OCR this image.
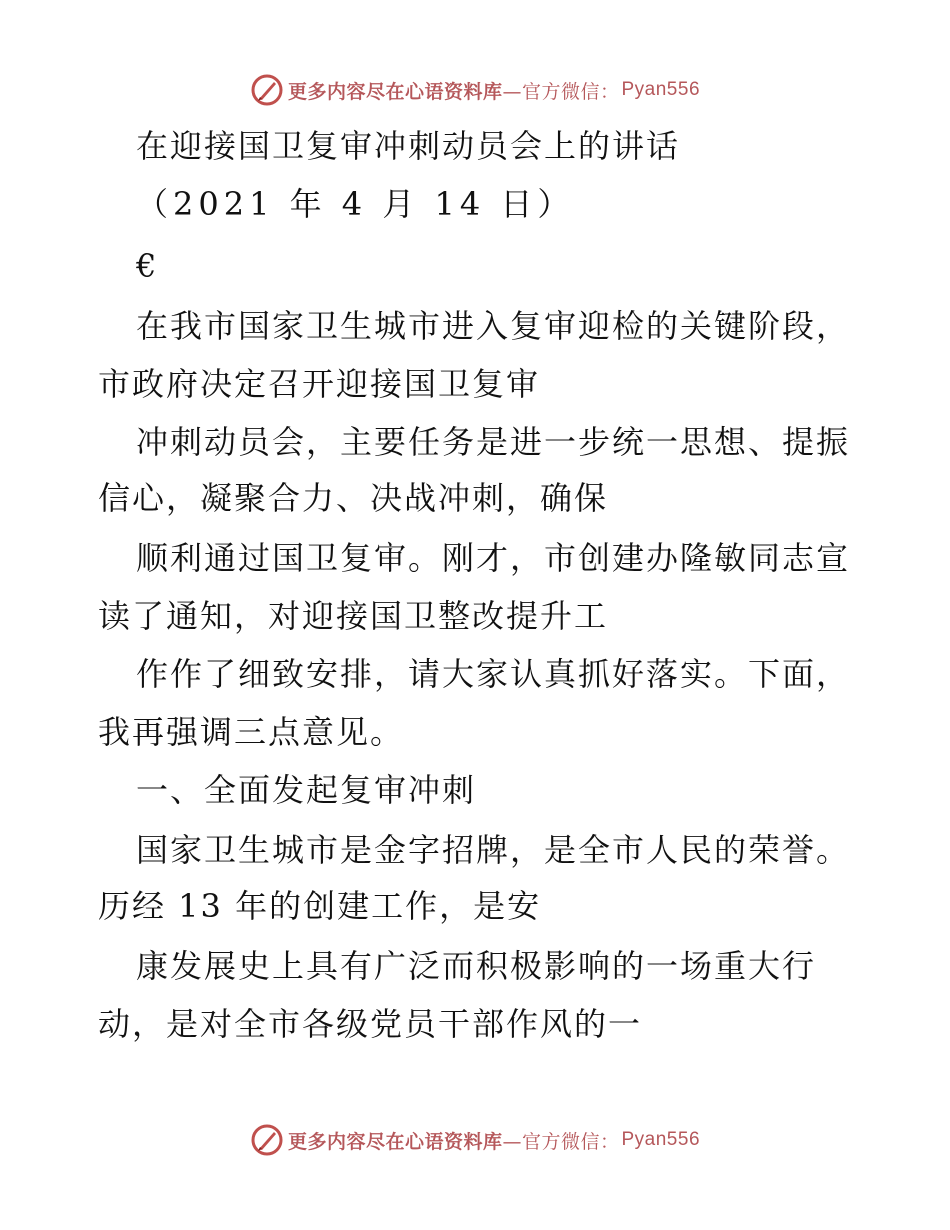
更多内容尽在心语资料库 —官方微信： Pyan556
在迎接国卫复审冲刺动员会上的讲话
（2021 年 4 月 14 日）
€
在我市国家卫生城市进入复审迎检的关键阶段，
市政府决定召开迎接国卫复审
冲刺动员会，主要任务是进一步统一思想、提振
信心，凝聚合力、决战冲刺，确保
顺利通过国卫复审。刚才，市创建办隆敏同志宣
读了通知，对迎接国卫整改提升工
作作了细致安排，请大家认真抓好落实。下面，
我再强调三点意见。
一、全面发起复审冲刺
国家卫生城市是金字招牌，是全市人民的荣誉。
历经 13 年的创建工作，是安
康发展史上具有广泛而积极影响的一场重大行
动，是对全市各级党员干部作风的一
更多内容尽在心语资料库 —官方微信： Pyan556
